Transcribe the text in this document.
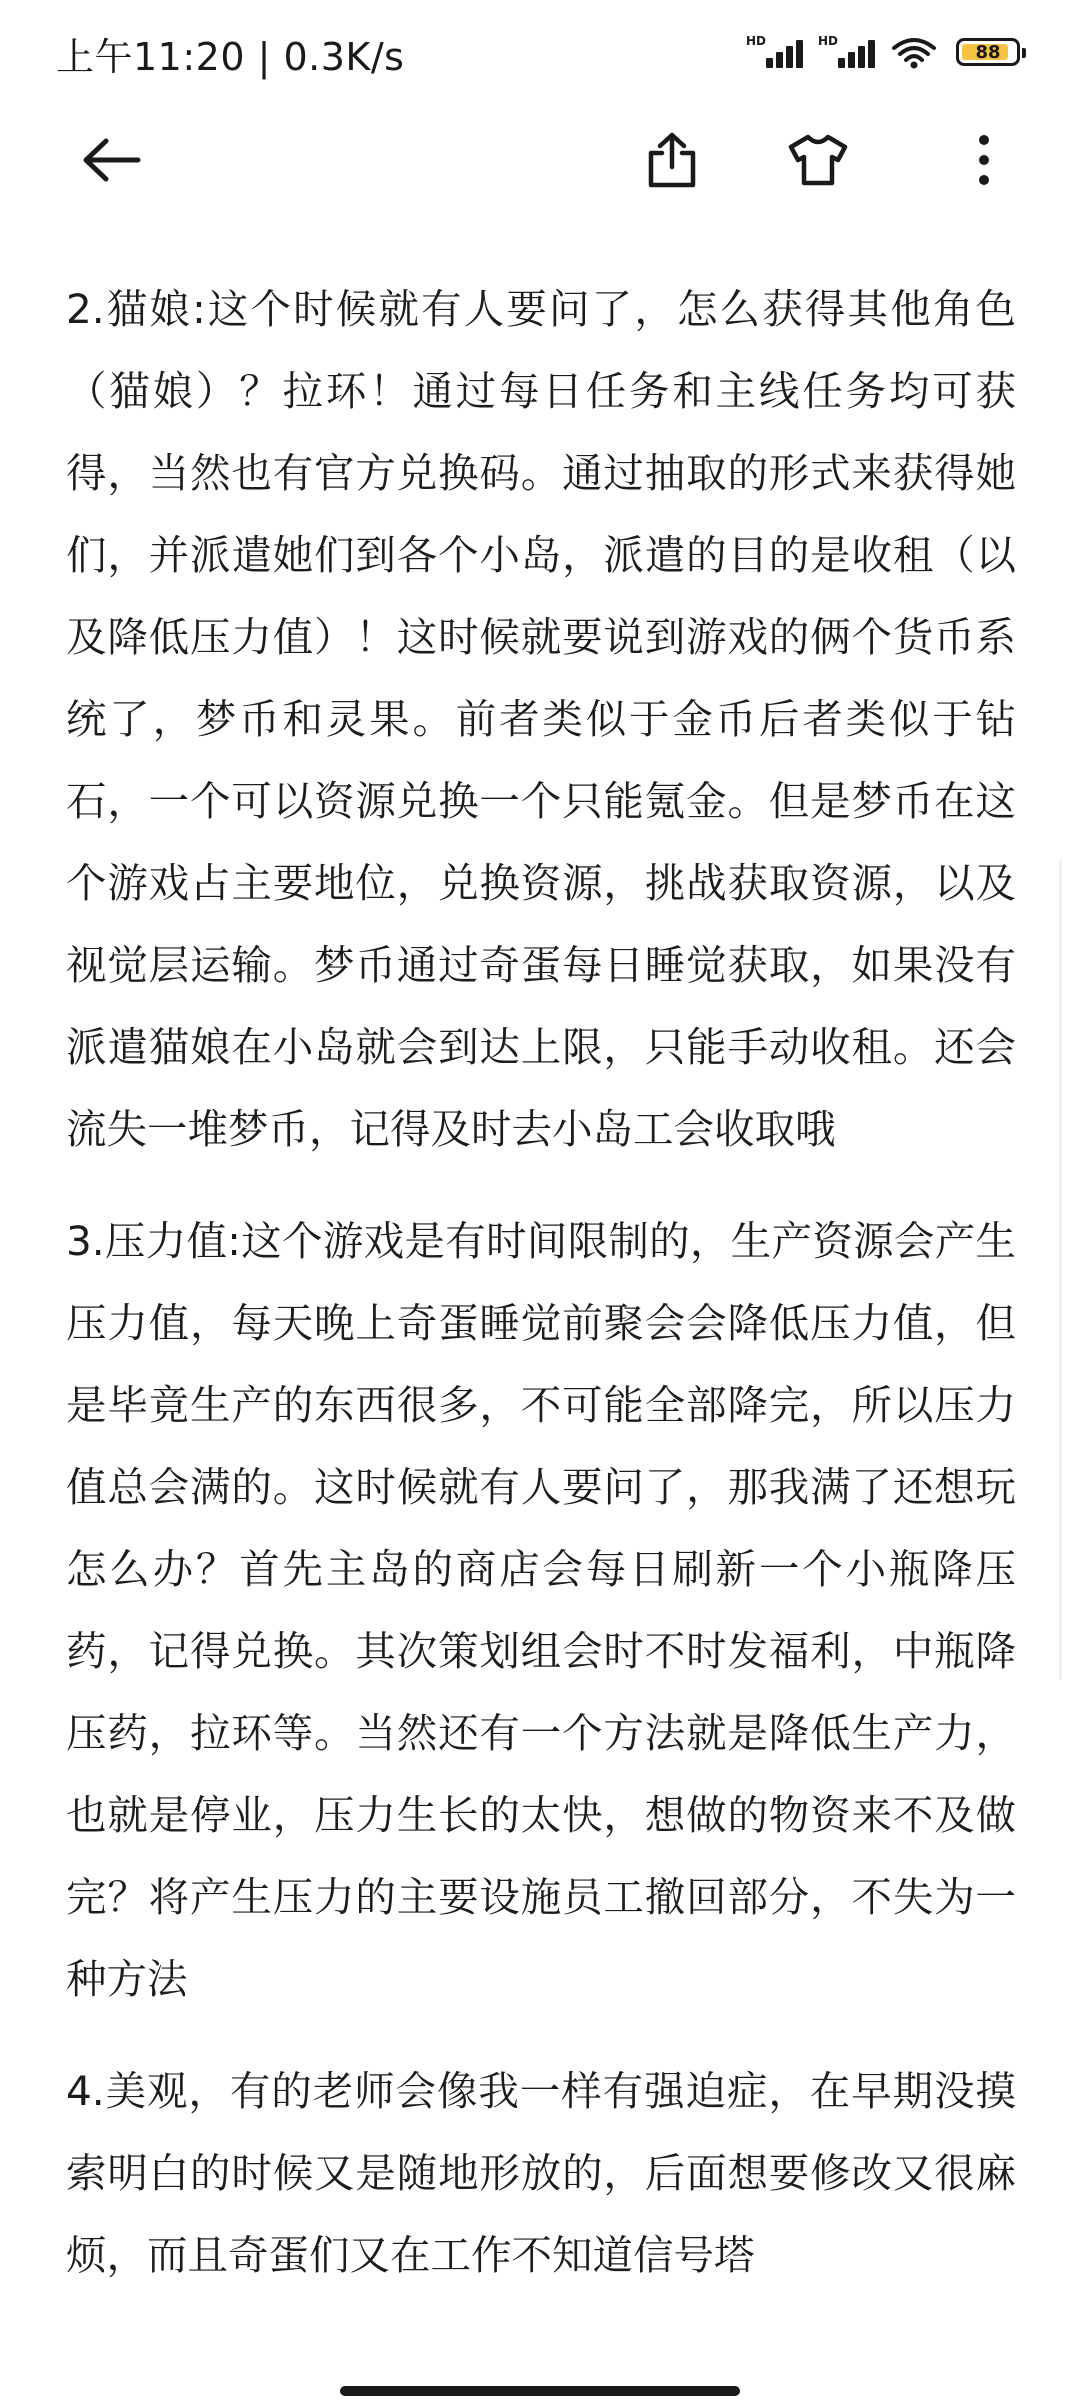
上午11:20 | 0.3K/s	HD	HD
88

2.猫娘:这个时候就有人要问了，怎么获得其他角色（猫娘）？拉环！通过每日任务和主线任务均可获得，当然也有官方兑换码。通过抽取的形式来获得她们，并派遣她们到各个小岛，派遣的目的是收租（以及降低压力值）！这时候就要说到游戏的俩个货币系统了，梦币和灵果。前者类似于金币后者类似于钻石，一个可以资源兑换一个只能氪金。但是梦币在这个游戏占主要地位，兑换资源，挑战获取资源，以及视觉层运输。梦币通过奇蛋每日睡觉获取，如果没有派遣猫娘在小岛就会到达上限，只能手动收租。还会流失一堆梦币，记得及时去小岛工会收取哦

3.压力值:这个游戏是有时间限制的，生产资源会产生压力值，每天晚上奇蛋睡觉前聚会会降低压力值，但是毕竟生产的东西很多，不可能全部降完，所以压力值总会满的。这时候就有人要问了，那我满了还想玩怎么办？首先主岛的商店会每日刷新一个小瓶降压药，记得兑换。其次策划组会时不时发福利，中瓶降压药，拉环等。当然还有一个方法就是降低生产力，也就是停业，压力生长的太快，想做的物资来不及做完？将产生压力的主要设施员工撤回部分，不失为一种方法

4.美观，有的老师会像我一样有强迫症，在早期没摸索明白的时候又是随地形放的，后面想要修改又很麻烦，而且奇蛋们又在工作不知道信号塔
